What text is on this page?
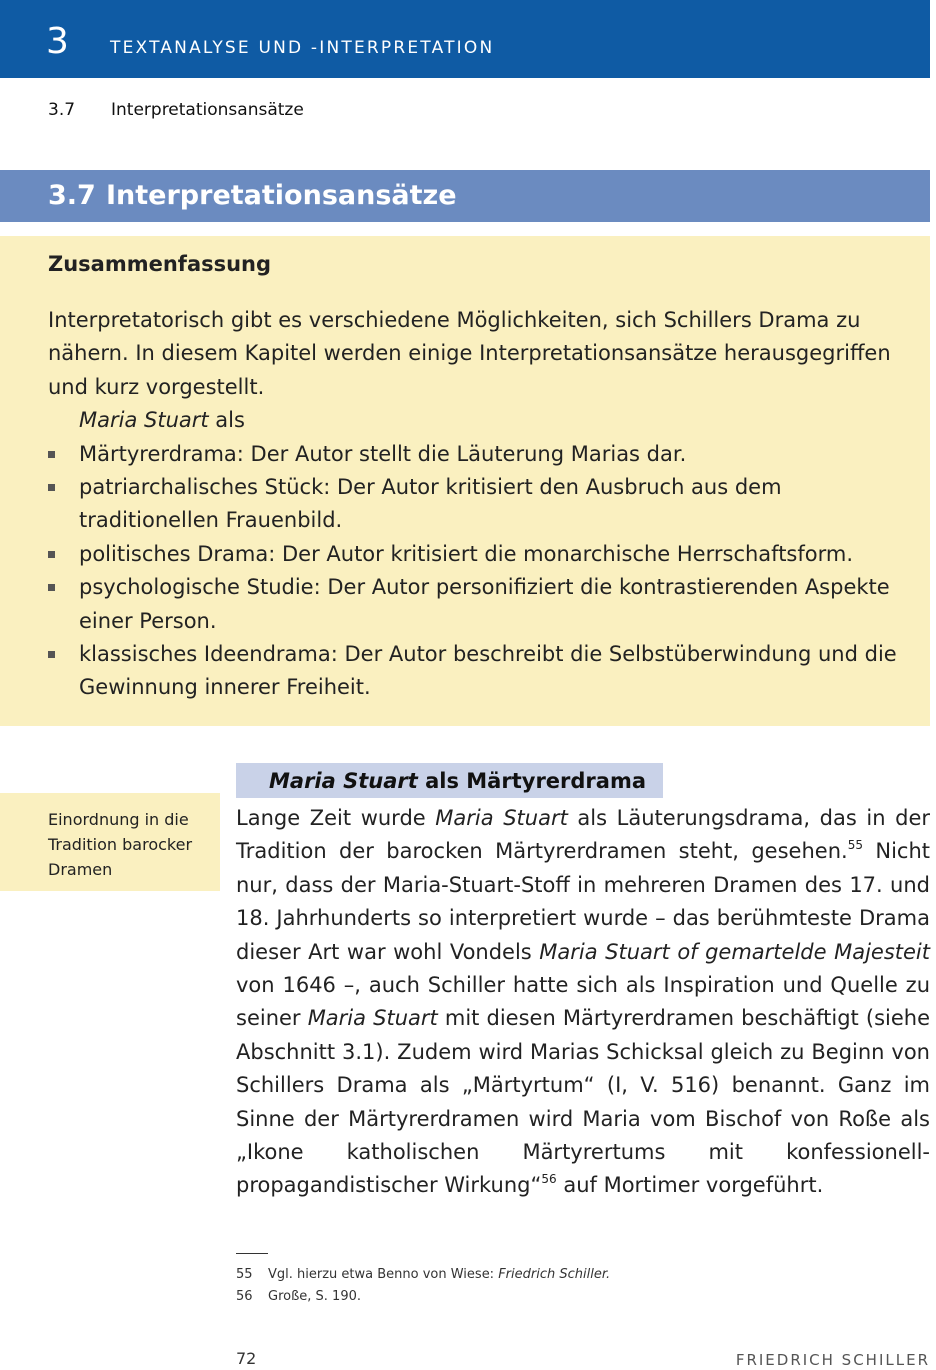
3 TEXTANALYSE UND -INTERPRETATION
3.7 Interpretationsansätze
3.7 Interpretationsansätze
Zusammenfassung

Interpretatorisch gibt es verschiedene Möglichkeiten, sich Schillers Drama zu nähern. In diesem Kapitel werden einige Interpretationsansätze herausgegriffen und kurz vorgestellt.

Maria Stuart als

Märtyrerdrama: Der Autor stellt die Läuterung Marias dar.
patriarchalisches Stück: Der Autor kritisiert den Ausbruch aus dem traditionellen Frauenbild.
politisches Drama: Der Autor kritisiert die monarchische Herrschaftsform.
psychologische Studie: Der Autor personifiziert die kontrastierenden Aspekte einer Person.
klassisches Ideendrama: Der Autor beschreibt die Selbstüberwindung und die Gewinnung innerer Freiheit.
Einordnung in die Tradition barocker Dramen
Maria Stuart als Märtyrerdrama

Lange Zeit wurde Maria Stuart als Läuterungsdrama, das in der Tradition der barocken Märtyrerdramen steht, gesehen.$^{55}$ Nicht nur, dass der Maria-Stuart-Stoff in mehreren Dramen des 17. und 18. Jahrhunderts so interpretiert wurde – das berühmteste Drama dieser Art war wohl Vondels Maria Stuart of gemartelde Majesteit von 1646 –, auch Schiller hatte sich als Inspiration und Quelle zu seiner Maria Stuart mit diesen Märtyrerdramen beschäftigt (siehe Abschnitt 3.1). Zudem wird Marias Schicksal gleich zu Beginn von Schillers Drama als „Märtyrtum“ (I, V. 516) benannt. Ganz im Sinne der Märtyrerdramen wird Maria vom Bischof von Roße als „Ikone katholischen Märtyrertums mit konfessionell-propagandistischer Wirkung“$^{56}$ auf Mortimer vorgeführt.

55 Vgl. hierzu etwa Benno von Wiese: Friedrich Schiller.
56 Große, S. 190.
72	FRIEDRICH SCHILLER
